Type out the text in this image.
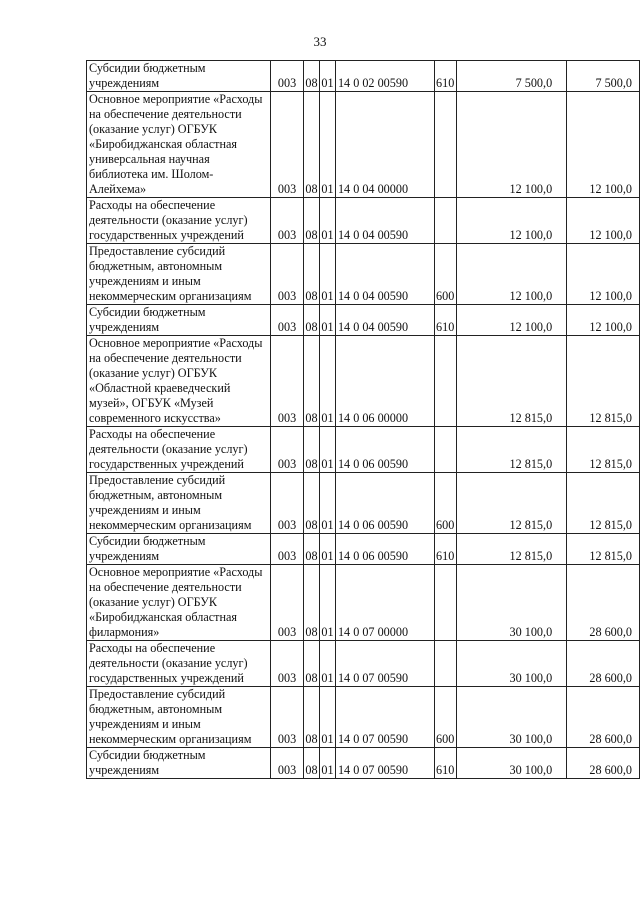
33
Субсидии бюджетным учреждениям	003	08	01	14 0 02 00590	610	7 500,0	7 500,0
Основное мероприятие «Расходы на обеспечение деятельности (оказание услуг) ОГБУК «Биробиджанская областная универсальная научная библиотека им. Шолом-Алейхема»	003	08	01	14 0 04 00000		12 100,0	12 100,0
Расходы на обеспечение деятельности (оказание услуг) государственных учреждений	003	08	01	14 0 04 00590		12 100,0	12 100,0
Предоставление субсидий бюджетным, автономным учреждениям и иным некоммерческим организациям	003	08	01	14 0 04 00590	600	12 100,0	12 100,0
Субсидии бюджетным учреждениям	003	08	01	14 0 04 00590	610	12 100,0	12 100,0
Основное мероприятие «Расходы на обеспечение деятельности (оказание услуг) ОГБУК «Областной краеведческий музей», ОГБУК «Музей современного искусства»	003	08	01	14 0 06 00000		12 815,0	12 815,0
Расходы на обеспечение деятельности (оказание услуг) государственных учреждений	003	08	01	14 0 06 00590		12 815,0	12 815,0
Предоставление субсидий бюджетным, автономным учреждениям и иным некоммерческим организациям	003	08	01	14 0 06 00590	600	12 815,0	12 815,0
Субсидии бюджетным учреждениям	003	08	01	14 0 06 00590	610	12 815,0	12 815,0
Основное мероприятие «Расходы на обеспечение деятельности (оказание услуг) ОГБУК «Биробиджанская областная филармония»	003	08	01	14 0 07 00000		30 100,0	28 600,0
Расходы на обеспечение деятельности (оказание услуг) государственных учреждений	003	08	01	14 0 07 00590		30 100,0	28 600,0
Предоставление субсидий бюджетным, автономным учреждениям и иным некоммерческим организациям	003	08	01	14 0 07 00590	600	30 100,0	28 600,0
Субсидии бюджетным учреждениям	003	08	01	14 0 07 00590	610	30 100,0	28 600,0
